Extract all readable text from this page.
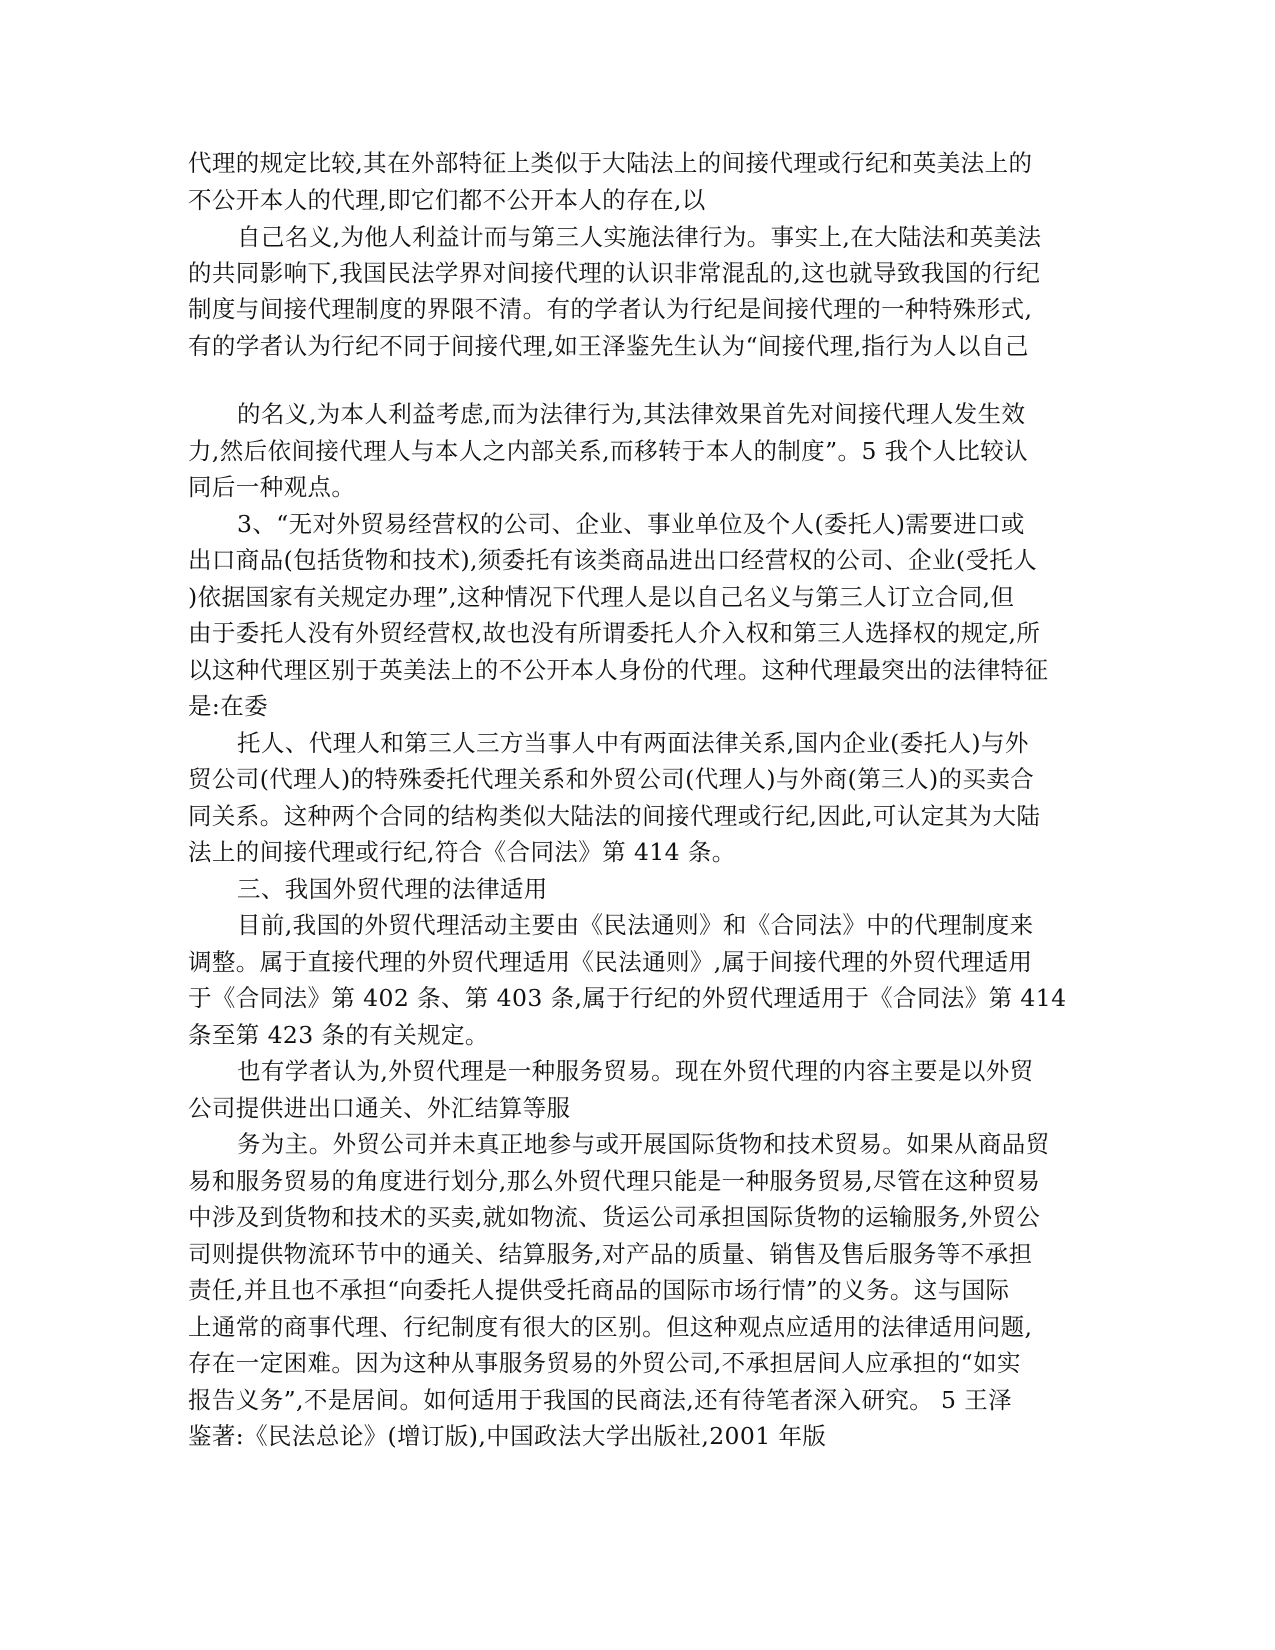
代理的规定比较,其在外部特征上类似于大陆法上的间接代理或行纪和英美法上的

不公开本人的代理,即它们都不公开本人的存在,以

自己名义,为他人利益计而与第三人实施法律行为。事实上,在大陆法和英美法

的共同影响下,我国民法学界对间接代理的认识非常混乱的,这也就导致我国的行纪

制度与间接代理制度的界限不清。有的学者认为行纪是间接代理的一种特殊形式,

有的学者认为行纪不同于间接代理,如王泽鉴先生认为“间接代理,指行为人以自己

的名义,为本人利益考虑,而为法律行为,其法律效果首先对间接代理人发生效

力,然后依间接代理人与本人之内部关系,而移转于本人的制度”。5 我个人比较认

同后一种观点。

3、“无对外贸易经营权的公司、企业、事业单位及个人(委托人)需要进口或

出口商品(包括货物和技术),须委托有该类商品进出口经营权的公司、企业(受托人

)依据国家有关规定办理”,这种情况下代理人是以自己名义与第三人订立合同,但

由于委托人没有外贸经营权,故也没有所谓委托人介入权和第三人选择权的规定,所

以这种代理区别于英美法上的不公开本人身份的代理。这种代理最突出的法律特征

是:在委

托人、代理人和第三人三方当事人中有两面法律关系,国内企业(委托人)与外

贸公司(代理人)的特殊委托代理关系和外贸公司(代理人)与外商(第三人)的买卖合

同关系。这种两个合同的结构类似大陆法的间接代理或行纪,因此,可认定其为大陆

法上的间接代理或行纪,符合《合同法》第 414 条。

三、我国外贸代理的法律适用

目前,我国的外贸代理活动主要由《民法通则》和《合同法》中的代理制度来

调整。属于直接代理的外贸代理适用《民法通则》,属于间接代理的外贸代理适用

于《合同法》第 402 条、第 403 条,属于行纪的外贸代理适用于《合同法》第 414

条至第 423 条的有关规定。

也有学者认为,外贸代理是一种服务贸易。现在外贸代理的内容主要是以外贸

公司提供进出口通关、外汇结算等服

务为主。外贸公司并未真正地参与或开展国际货物和技术贸易。如果从商品贸

易和服务贸易的角度进行划分,那么外贸代理只能是一种服务贸易,尽管在这种贸易

中涉及到货物和技术的买卖,就如物流、货运公司承担国际货物的运输服务,外贸公

司则提供物流环节中的通关、结算服务,对产品的质量、销售及售后服务等不承担

责任,并且也不承担“向委托人提供受托商品的国际市场行情”的义务。这与国际

上通常的商事代理、行纪制度有很大的区别。但这种观点应适用的法律适用问题,

存在一定困难。因为这种从事服务贸易的外贸公司,不承担居间人应承担的“如实

报告义务”,不是居间。如何适用于我国的民商法,还有待笔者深入研究。 5 王泽

鉴著:《民法总论》(增订版),中国政法大学出版社,2001 年版
